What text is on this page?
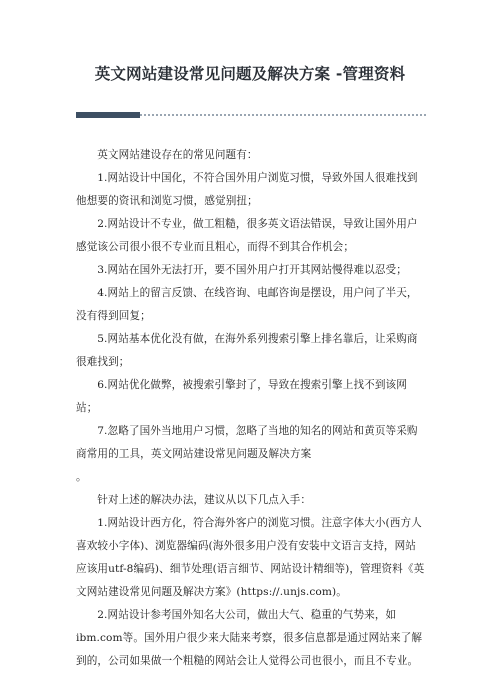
英文网站建设常见问题及解决方案 -管理资料

英文网站建设存在的常见问题有：

1.网站设计中国化，不符合国外用户浏览习惯，导致外国人很难找到他想要的资讯和浏览习惯，感觉别扭；

2.网站设计不专业，做工粗糙，很多英文语法错误，导致让国外用户感觉该公司很小很不专业而且粗心，而得不到其合作机会；

3.网站在国外无法打开，要不国外用户打开其网站慢得难以忍受；

4.网站上的留言反馈、在线咨询、电邮咨询是摆设，用户问了半天，没有得到回复；

5.网站基本优化没有做，在海外系列搜索引擎上排名靠后，让采购商很难找到；

6.网站优化做弊，被搜索引擎封了，导致在搜索引擎上找不到该网站；

7.忽略了国外当地用户习惯，忽略了当地的知名的网站和黄页等采购商常用的工具，英文网站建设常见问题及解决方案

。

针对上述的解决办法，建议从以下几点入手：

1.网站设计西方化，符合海外客户的浏览习惯。注意字体大小(西方人喜欢较小字体)、浏览器编码(海外很多用户没有安装中文语言支持，网站应该用utf-8编码)、细节处理(语言细节、网站设计精细等)，管理资料《英文网站建设常见问题及解决方案》(https://.unjs.com)。

2.网站设计参考国外知名大公司，做出大气、稳重的气势来，如 ibm.com等。国外用户很少来大陆来考察，很多信息都是通过网站来了解到的，公司如果做一个粗糙的网站会让人觉得公司也很小，而且不专业。
